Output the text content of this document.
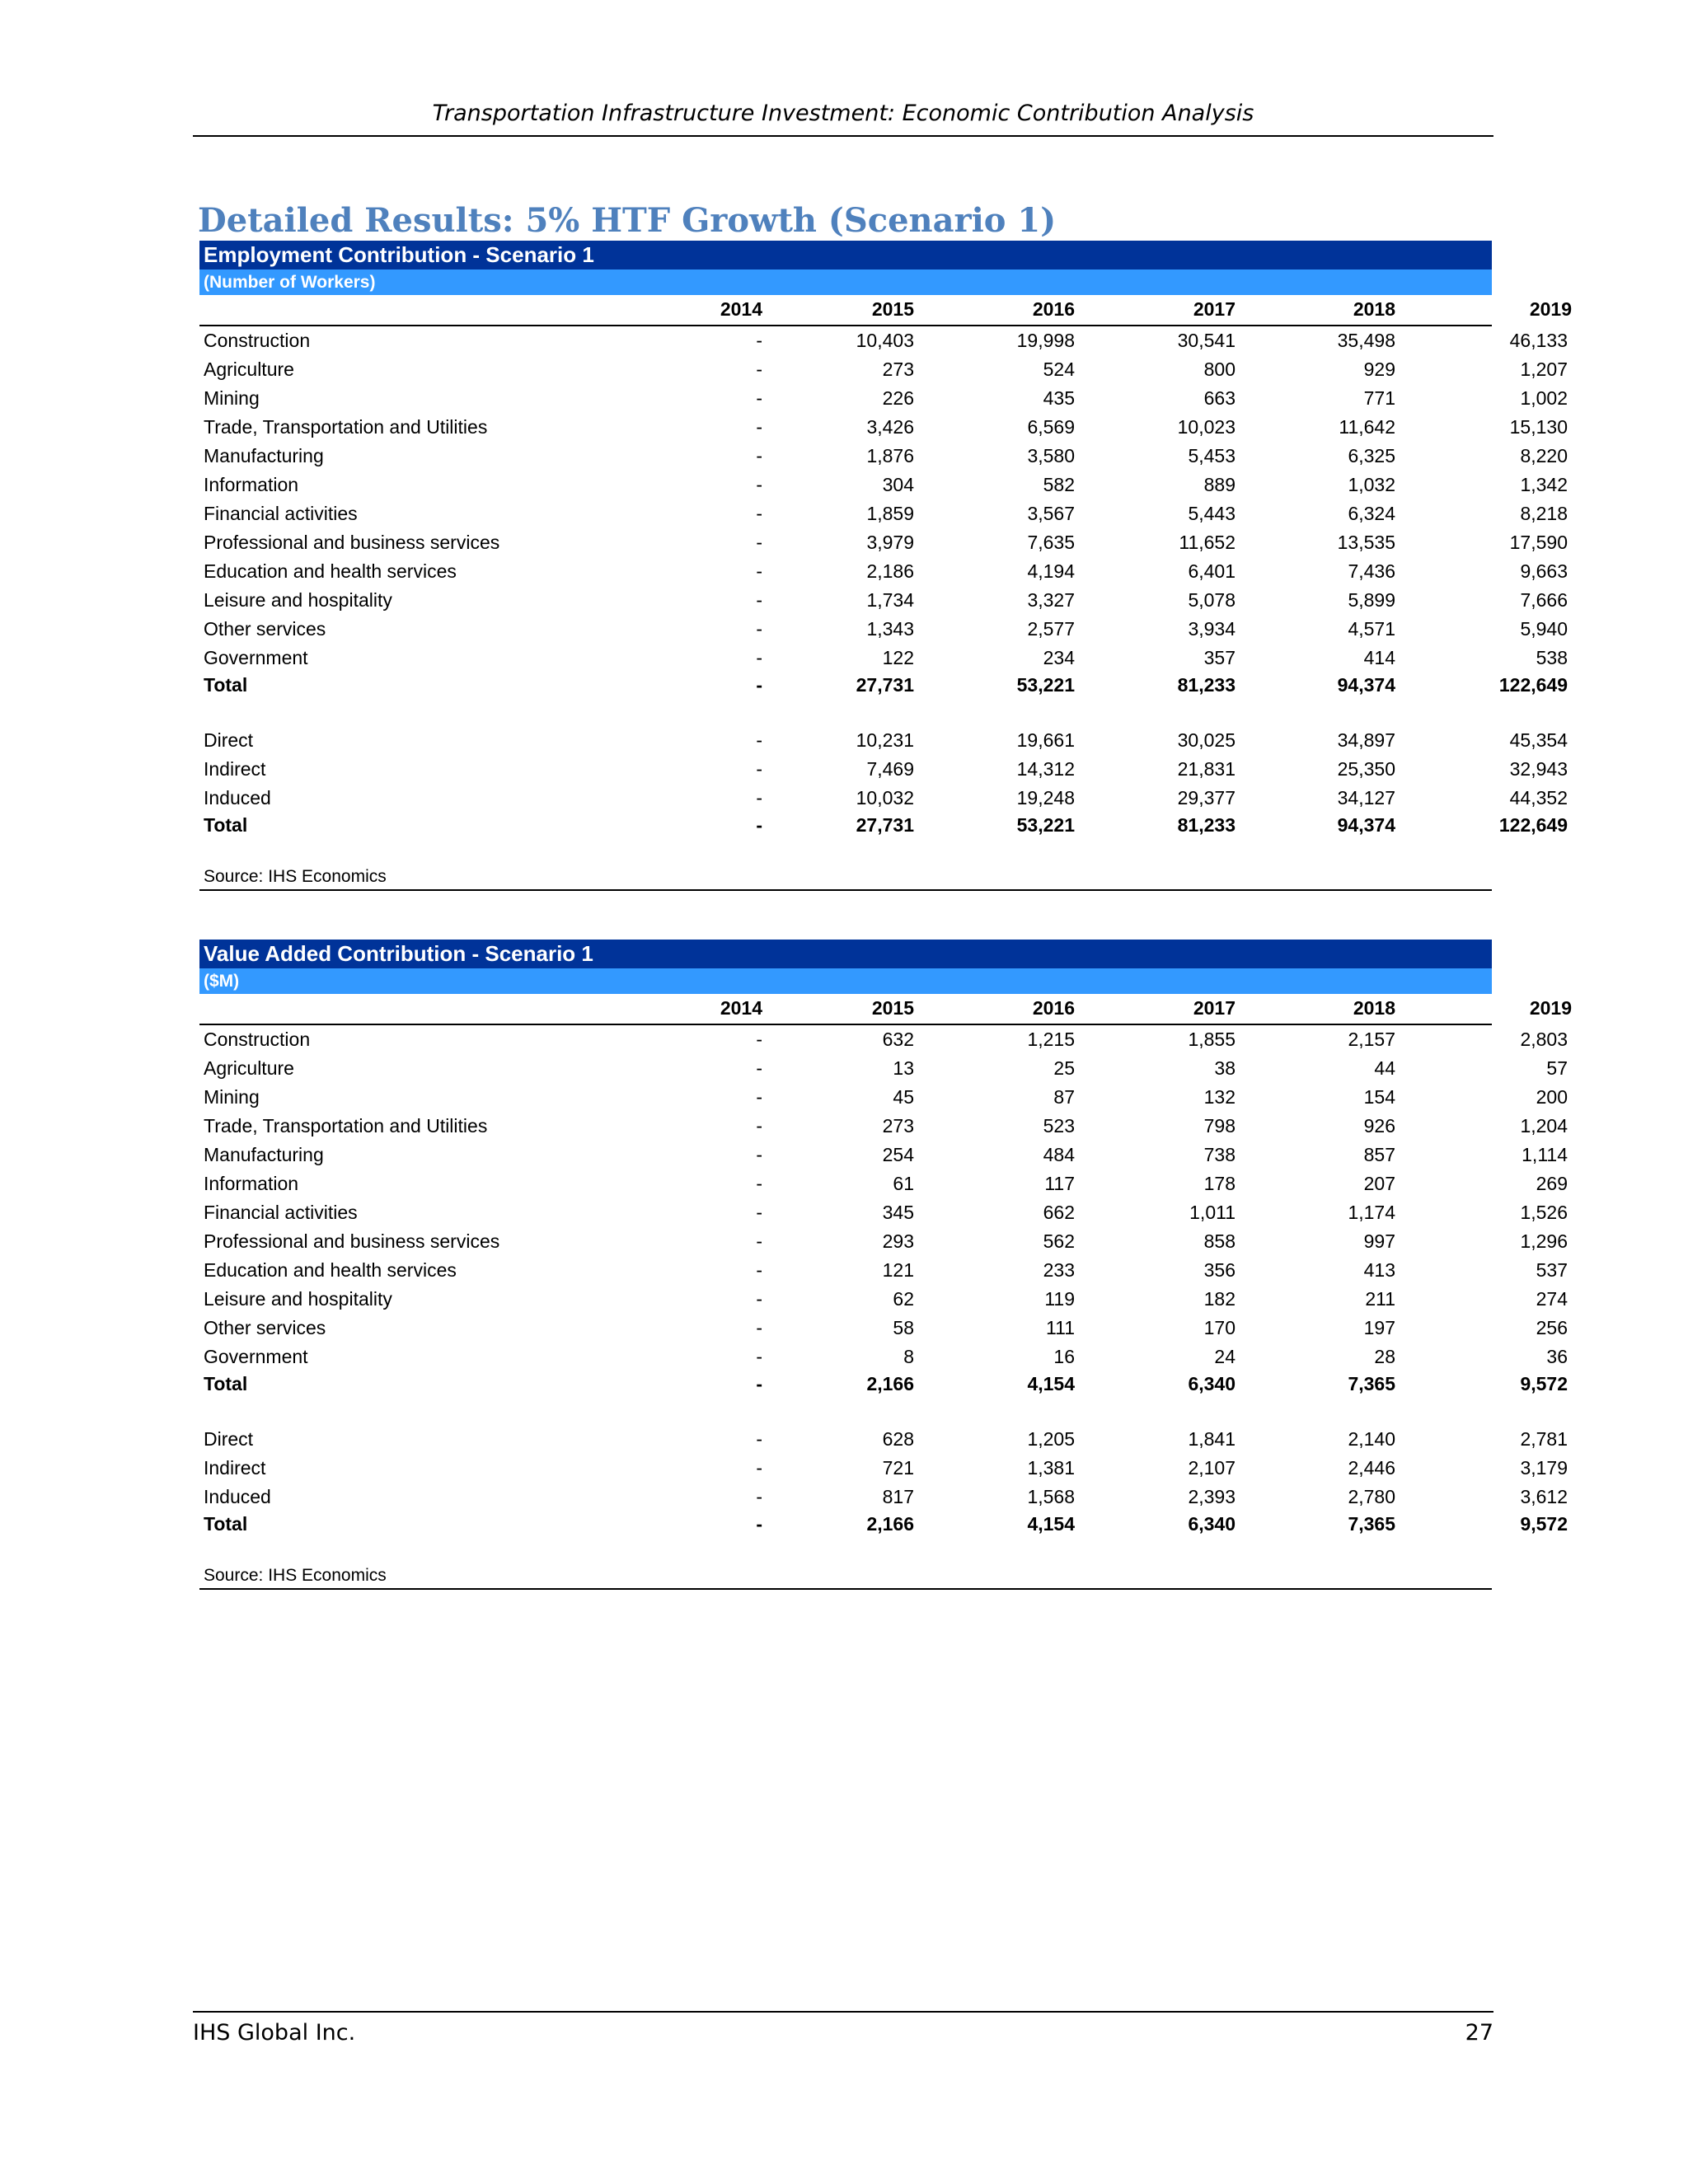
Transportation Infrastructure Investment: Economic Contribution Analysis
Detailed Results: 5% HTF Growth (Scenario 1)
Employment Contribution - Scenario 1
(Number of Workers)
2014	2015	2016	2017	2018	2019
Construction	-	10,403	19,998	30,541	35,498	46,133
Agriculture	-	273	524	800	929	1,207
Mining	-	226	435	663	771	1,002
Trade, Transportation and Utilities	-	3,426	6,569	10,023	11,642	15,130
Manufacturing	-	1,876	3,580	5,453	6,325	8,220
Information	-	304	582	889	1,032	1,342
Financial activities	-	1,859	3,567	5,443	6,324	8,218
Professional and business services	-	3,979	7,635	11,652	13,535	17,590
Education and health services	-	2,186	4,194	6,401	7,436	9,663
Leisure and hospitality	-	1,734	3,327	5,078	5,899	7,666
Other services	-	1,343	2,577	3,934	4,571	5,940
Government	-	122	234	357	414	538
Total	-	27,731	53,221	81,233	94,374	122,649
Direct	-	10,231	19,661	30,025	34,897	45,354
Indirect	-	7,469	14,312	21,831	25,350	32,943
Induced	-	10,032	19,248	29,377	34,127	44,352
Total	-	27,731	53,221	81,233	94,374	122,649
Source: IHS Economics
Value Added Contribution - Scenario 1
($M)
2014	2015	2016	2017	2018	2019
Construction	-	632	1,215	1,855	2,157	2,803
Agriculture	-	13	25	38	44	57
Mining	-	45	87	132	154	200
Trade, Transportation and Utilities	-	273	523	798	926	1,204
Manufacturing	-	254	484	738	857	1,114
Information	-	61	117	178	207	269
Financial activities	-	345	662	1,011	1,174	1,526
Professional and business services	-	293	562	858	997	1,296
Education and health services	-	121	233	356	413	537
Leisure and hospitality	-	62	119	182	211	274
Other services	-	58	111	170	197	256
Government	-	8	16	24	28	36
Total	-	2,166	4,154	6,340	7,365	9,572
Direct	-	628	1,205	1,841	2,140	2,781
Indirect	-	721	1,381	2,107	2,446	3,179
Induced	-	817	1,568	2,393	2,780	3,612
Total	-	2,166	4,154	6,340	7,365	9,572
Source: IHS Economics
IHS Global Inc.	27
